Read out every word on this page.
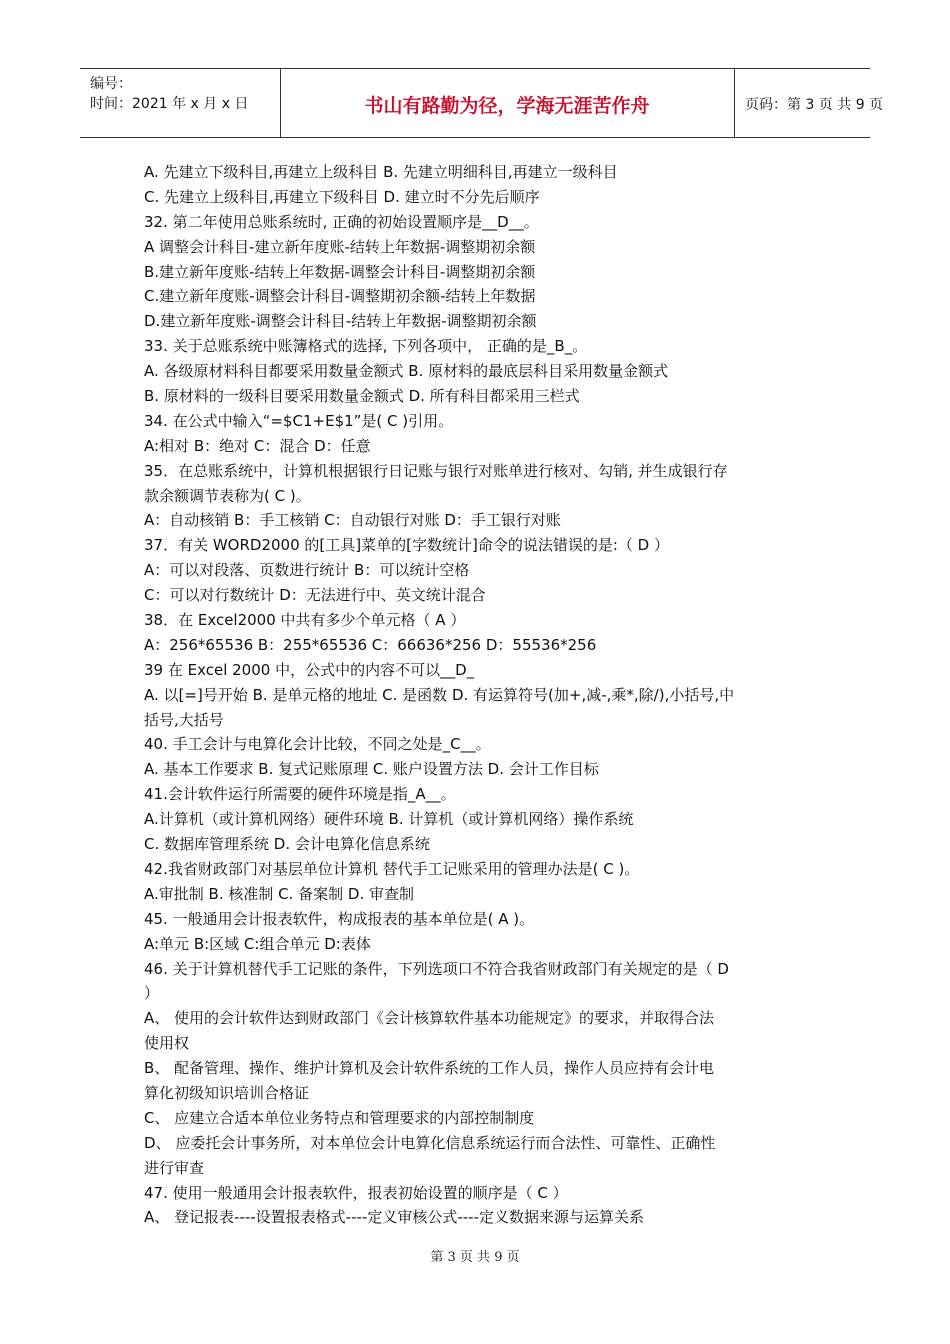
编号：
时间：2021 年 x 月 x 日	书山有路勤为径，学海无涯苦作舟	页码：第 3 页 共 9 页
A. 先建立下级科目,再建立上级科目 B. 先建立明细科目,再建立一级科目
C. 先建立上级科目,再建立下级科目 D. 建立时不分先后顺序
32. 第二年使用总账系统时, 正确的初始设置顺序是__D__。
A 调整会计科目-建立新年度账-结转上年数据-调整期初余额
B.建立新年度账-结转上年数据-调整会计科目-调整期初余额
C.建立新年度账-调整会计科目-调整期初余额-结转上年数据
D.建立新年度账-调整会计科目-结转上年数据-调整期初余额
33. 关于总账系统中账簿格式的选择, 下列各项中， 正确的是_B_。
A. 各级原材料科目都要采用数量金额式 B. 原材料的最底层科目采用数量金额式
B. 原材料的一级科目要采用数量金额式 D. 所有科目都采用三栏式
34. 在公式中输入“=$C1+E$1”是( C )引用。
A:相对 B：绝对 C：混合 D：任意
35．在总账系统中，计算机根据银行日记账与银行对账单进行核对、勾销, 并生成银行存
款余额调节表称为( C )。
A：自动核销 B：手工核销 C：自动银行对账 D：手工银行对账
37．有关 WORD2000 的[工具]菜单的[字数统计]命令的说法错误的是:（ D ）
A：可以对段落、页数进行统计 B：可以统计空格
C：可以对行数统计 D：无法进行中、英文统计混合
38．在 Excel2000 中共有多少个单元格（ A ）
A：256*65536 B：255*65536 C：66636*256 D：55536*256
39 在 Excel 2000 中，公式中的内容不可以__D_
A. 以[=]号开始 B. 是单元格的地址 C. 是函数 D. 有运算符号(加+,减-,乘*,除/),小括号,中
括号,大括号
40. 手工会计与电算化会计比较，不同之处是_C__。
A. 基本工作要求 B. 复式记账原理 C. 账户设置方法 D. 会计工作目标
41.会计软件运行所需要的硬件环境是指_A__。
A.计算机（或计算机网络）硬件环境 B. 计算机（或计算机网络）操作系统
C. 数据库管理系统 D. 会计电算化信息系统
42.我省财政部门对基层单位计算机 替代手工记账采用的管理办法是( C )。
A.审批制 B. 核准制 C. 备案制 D. 审查制
45. 一般通用会计报表软件，构成报表的基本单位是( A )。
A:单元 B:区域 C:组合单元 D:表体
46. 关于计算机替代手工记账的条件，下列选项口不符合我省财政部门有关规定的是（ D
）
A、 使用的会计软件达到财政部门《会计核算软件基本功能规定》的要求，并取得合法
使用权
B、 配备管理、操作、维护计算机及会计软件系统的工作人员，操作人员应持有会计电
算化初级知识培训合格证
C、 应建立合适本单位业务特点和管理要求的内部控制制度
D、 应委托会计事务所，对本单位会计电算化信息系统运行而合法性、可靠性、正确性
进行审查
47. 使用一般通用会计报表软件，报表初始设置的顺序是（ C ）
A、 登记报表----设置报表格式----定义审核公式----定义数据来源与运算关系
第 3 页 共 9 页
